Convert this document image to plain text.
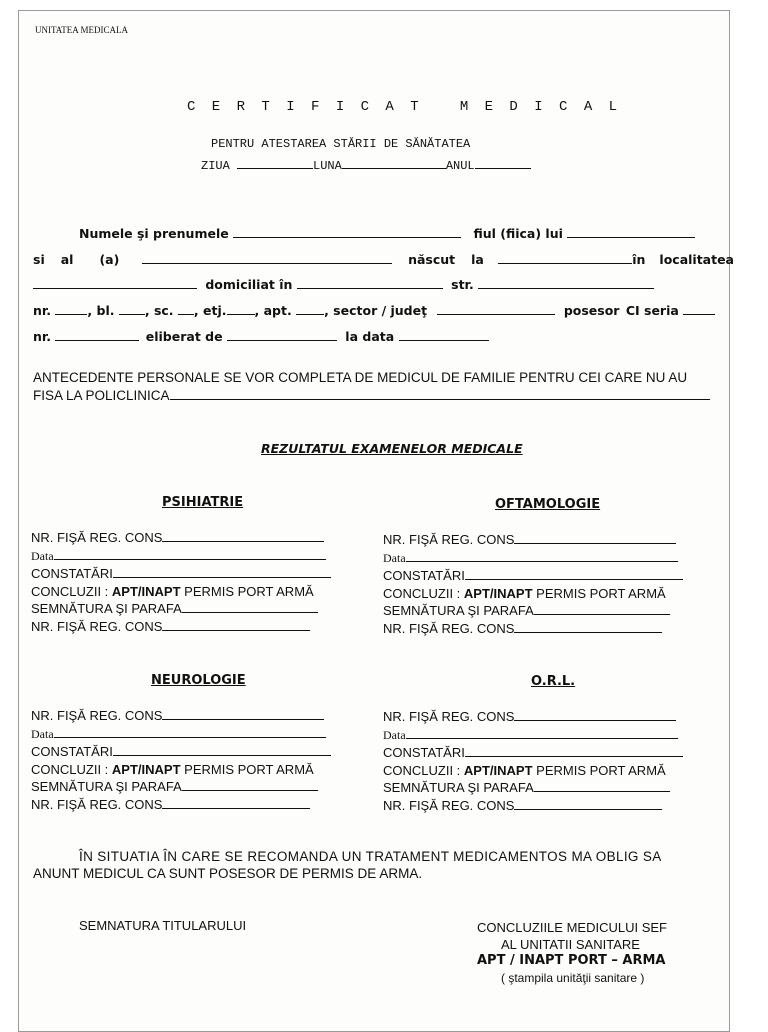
UNITATEA MEDICALA
C E R T I F I C A T   M E D I C A L
PENTRU ATESTAREA STĂRII DE SĂNĂTATEA
ZIUA	LUNA	ANUL
Numele şi prenumele	fiul (fiica) lui
si al (a)	născut la	în localitatea
domiciliat în	str.
nr.	, bl. , sc. , etj. , apt.	, sector / judeţ	posesor CI seria
nr.	eliberat de	la data
ANTECEDENTE PERSONALE SE VOR COMPLETA DE MEDICUL DE FAMILIE PENTRU CEI CARE NU AU
FISA LA POLICLINICA
REZULTATUL EXAMENELOR MEDICALE
PSIHIATRIE
NR. FIŞĂ REG. CONS
Data
CONSTATĂRI
CONCLUZII : APT/INAPT PERMIS PORT ARMĂ
SEMNĂTURA ŞI PARAFA
NR. FIŞĂ REG. CONS
OFTAMOLOGIE
NR. FIŞĂ REG. CONS
Data
CONSTATĂRI
CONCLUZII : APT/INAPT PERMIS PORT ARMĂ
SEMNĂTURA ŞI PARAFA
NR. FIŞĂ REG. CONS
NEUROLOGIE
NR. FIŞĂ REG. CONS
Data
CONSTATĂRI
CONCLUZII : APT/INAPT PERMIS PORT ARMĂ
SEMNĂTURA ŞI PARAFA
NR. FIŞĂ REG. CONS
O.R.L.
NR. FIŞĂ REG. CONS
Data
CONSTATĂRI
CONCLUZII : APT/INAPT PERMIS PORT ARMĂ
SEMNĂTURA ŞI PARAFA
NR. FIŞĂ REG. CONS
ÎN SITUATIA ÎN CARE SE RECOMANDA UN TRATAMENT MEDICAMENTOS MA OBLIG SA
ANUNT MEDICUL CA SUNT POSESOR DE PERMIS DE ARMA.
SEMNATURA TITULARULUI	CONCLUZIILE MEDICULUI SEF
AL UNITATII SANITARE
APT / INAPT PORT – ARMA
( ştampila unităţii sanitare )
